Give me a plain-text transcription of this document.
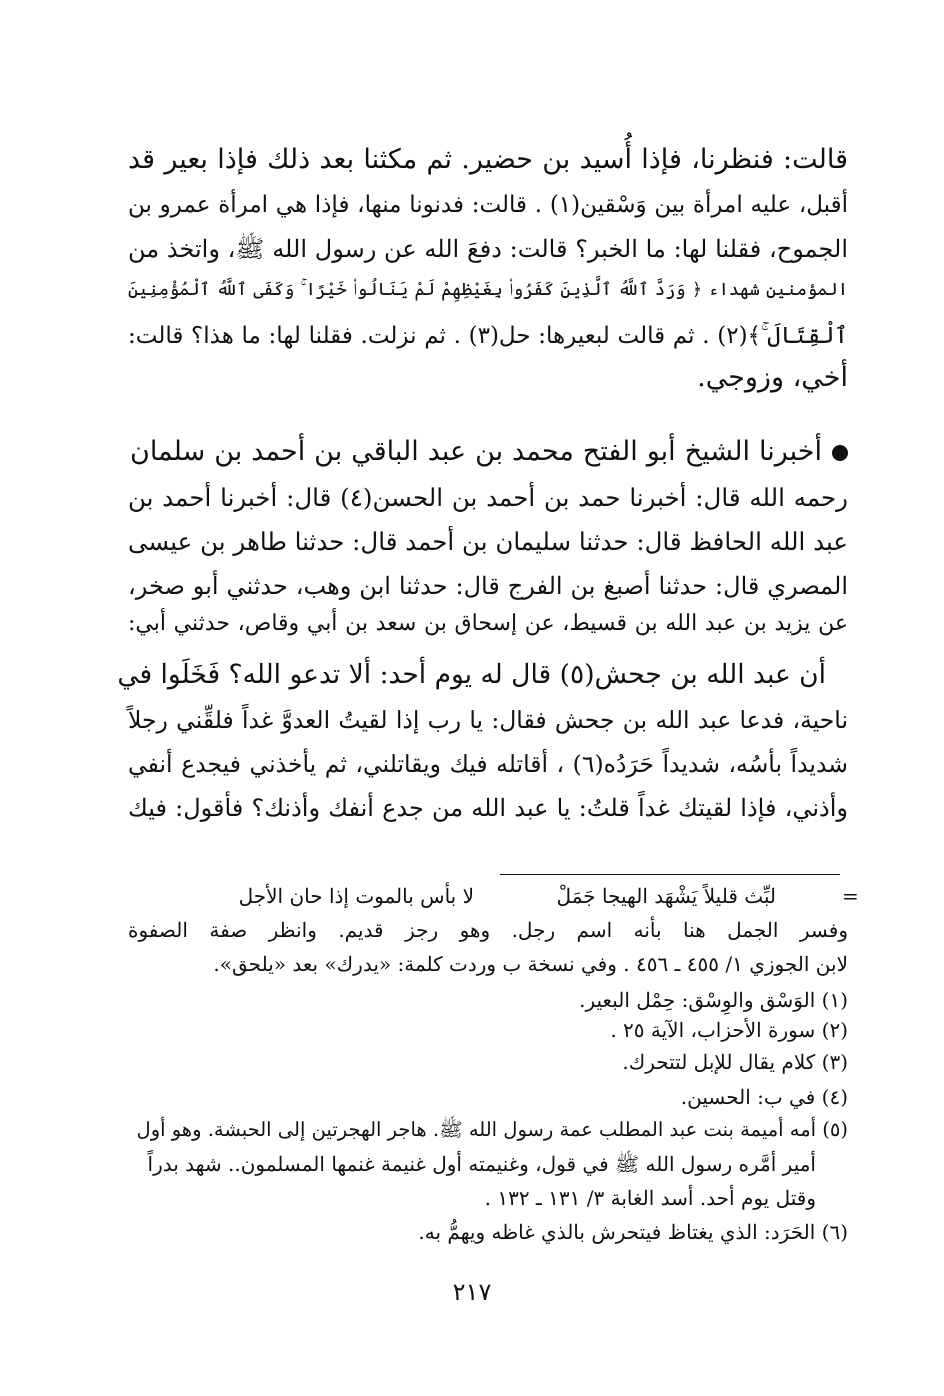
قالت: فنظرنا، فإذا أُسيد بن حضير. ثم مكثنا بعد ذلك فإذا بعير قد
أقبل، عليه امرأة بين وَسْقين(١) . قالت: فدنونا منها، فإذا هي امرأة عمرو بن
الجموح، فقلنا لها: ما الخبر؟ قالت: دفعَ الله عن رسول الله ﷺ، واتخذ من
المؤمنين شهداء ﴿ وَرَدَّ ٱللَّهُ ٱلَّذِينَ كَفَرُوا۟ بِغَيْظِهِمْ لَمْ يَنَالُوا۟ خَيْرًا ۚ وَكَفَى ٱللَّهُ ٱلْمُؤْمِنِينَ
ٱلْقِتَالَ ۚ﴾(٢) . ثم قالت لبعيرها: حل(٣) . ثم نزلت. فقلنا لها: ما هذا؟ قالت:
أخي، وزوجي.
أخبرنا الشيخ أبو الفتح محمد بن عبد الباقي بن أحمد بن سلمان
رحمه الله قال: أخبرنا حمد بن أحمد بن الحسن(٤) قال: أخبرنا أحمد بن
عبد الله الحافظ قال: حدثنا سليمان بن أحمد قال: حدثنا طاهر بن عيسى
المصري قال: حدثنا أصبغ بن الفرج قال: حدثنا ابن وهب، حدثني أبو صخر،
عن يزيد بن عبد الله بن قسيط، عن إسحاق بن سعد بن أبي وقاص، حدثني أبي:
أن عبد الله بن جحش(٥) قال له يوم أحد: ألا تدعو الله؟ فَخَلَوا في
ناحية، فدعا عبد الله بن جحش فقال: يا رب إذا لقيتُ العدوَّ غداً فلقِّني رجلاً
شديداً بأسُه، شديداً حَرَدُه(٦) ، أقاتله فيك ويقاتلني، ثم يأخذني فيجدع أنفي
وأذني، فإذا لقيتك غداً قلتُ: يا عبد الله من جدع أنفك وأذنك؟ فأقول: فيك
=
لبِّث قليلاً يَشْهَد الهيجا جَمَلْ
لا بأس بالموت إذا حان الأجل
وفسر الجمل هنا بأنه اسم رجل. وهو رجز قديم. وانظر صفة الصفوة
لابن الجوزي ١/ ٤٥٥ ـ ٤٥٦ . وفي نسخة ب وردت كلمة: «يدرك» بعد «يلحق».
(١) الوَسْق والوِسْق: حِمْل البعير.
(٢) سورة الأحزاب، الآية ٢٥ .
(٣) كلام يقال للإبل لتتحرك.
(٤) في ب: الحسين.
(٥) أمه أميمة بنت عبد المطلب عمة رسول الله ﷺ. هاجر الهجرتين إلى الحبشة. وهو أول
أمير أمَّره رسول الله ﷺ في قول، وغنيمته أول غنيمة غنمها المسلمون.. شهد بدراً
وقتل يوم أحد. أسد الغابة ٣/ ١٣١ ـ ١٣٢ .
(٦) الحَرَد: الذي يغتاظ فيتحرش بالذي غاظه ويهمُّ به.
٢١٧
